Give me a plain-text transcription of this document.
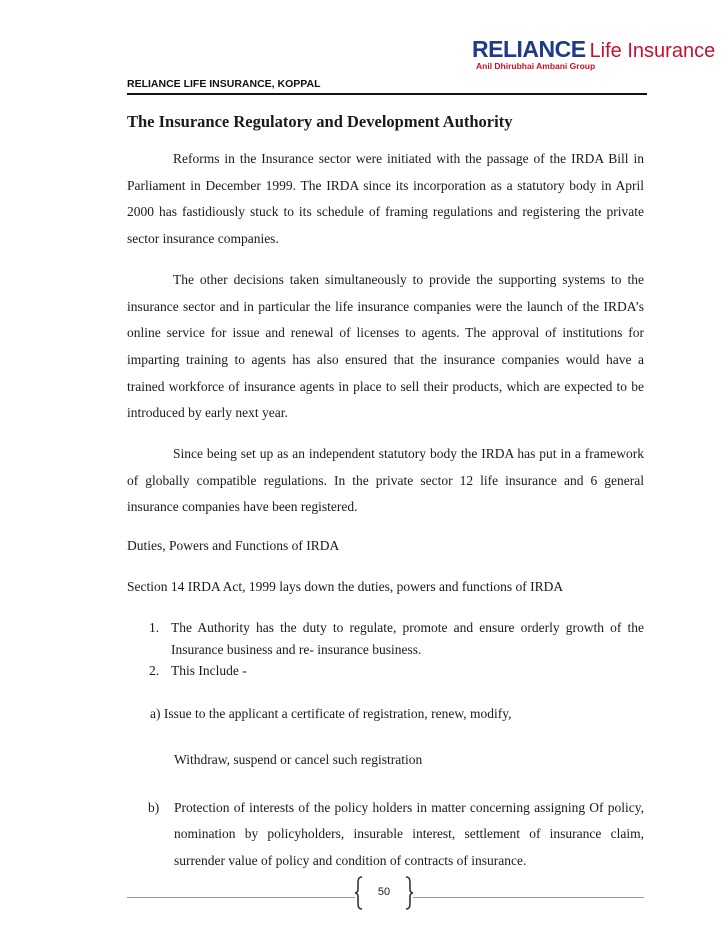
RELIANCE Life Insurance
Anil Dhirubhai Ambani Group
RELIANCE LIFE INSURANCE, KOPPAL
The Insurance Regulatory and Development Authority

Reforms in the Insurance sector were initiated with the passage of the IRDA Bill in Parliament in December 1999. The IRDA since its incorporation as a statutory body in April 2000 has fastidiously stuck to its schedule of framing regulations and registering the private sector insurance companies.

The other decisions taken simultaneously to provide the supporting systems to the insurance sector and in particular the life insurance companies were the launch of the IRDA’s online service for issue and renewal of licenses to agents. The approval of institutions for imparting training to agents has also ensured that the insurance companies would have a trained workforce of insurance agents in place to sell their products, which are expected to be introduced by early next year.

Since being set up as an independent statutory body the IRDA has put in a framework of globally compatible regulations. In the private sector 12 life insurance and 6 general insurance companies have been registered.

Duties, Powers and Functions of IRDA

Section 14 IRDA Act, 1999 lays down the duties, powers and functions of IRDA

1. The Authority has the duty to regulate, promote and ensure orderly growth of the Insurance business and re- insurance business.
2. This Include -

a) Issue to the applicant a certificate of registration, renew, modify,

Withdraw, suspend or cancel such registration

b)	Protection of interests of the policy holders in matter concerning assigning Of policy, nomination by policyholders, insurable interest, settlement of insurance claim, surrender value of policy and condition of contracts of insurance.
50
